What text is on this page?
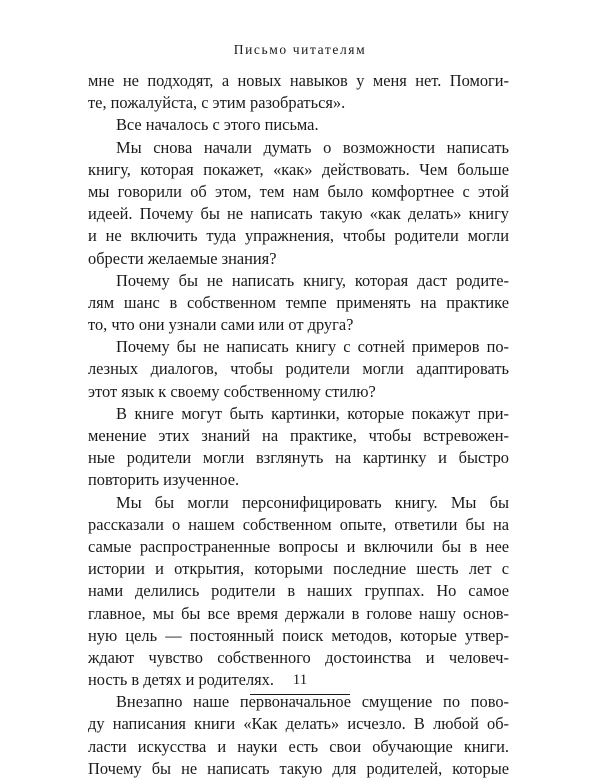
Письмо читателям
мне не подходят, а новых навыков у меня нет. Помоги-
те, пожалуйста, с этим разобраться».
Все началось с этого письма.
Мы снова начали думать о возможности написать
книгу, которая покажет, «как» действовать. Чем больше
мы говорили об этом, тем нам было комфортнее с этой
идеей. Почему бы не написать такую «как делать» книгу
и не включить туда упражнения, чтобы родители могли
обрести желаемые знания?
Почему бы не написать книгу, которая даст родите-
лям шанс в собственном темпе применять на практике
то, что они узнали сами или от друга?
Почему бы не написать книгу с сотней примеров по-
лезных диалогов, чтобы родители могли адаптировать
этот язык к своему собственному стилю?
В книге могут быть картинки, которые покажут при-
менение этих знаний на практике, чтобы встревожен-
ные родители могли взглянуть на картинку и быстро
повторить изученное.
Мы бы могли персонифицировать книгу. Мы бы
рассказали о нашем собственном опыте, ответили бы на
самые распространенные вопросы и включили бы в нее
истории и открытия, которыми последние шесть лет с
нами делились родители в наших группах. Но самое
главное, мы бы все время держали в голове нашу основ-
ную цель — постоянный поиск методов, которые утвер-
ждают чувство собственного достоинства и человеч-
ность в детях и родителях.
Внезапно наше первоначальное смущение по пово-
ду написания книги «Как делать» исчезло. В любой об-
ласти искусства и науки есть свои обучающие книги.
Почему бы не написать такую для родителей, которые
11
